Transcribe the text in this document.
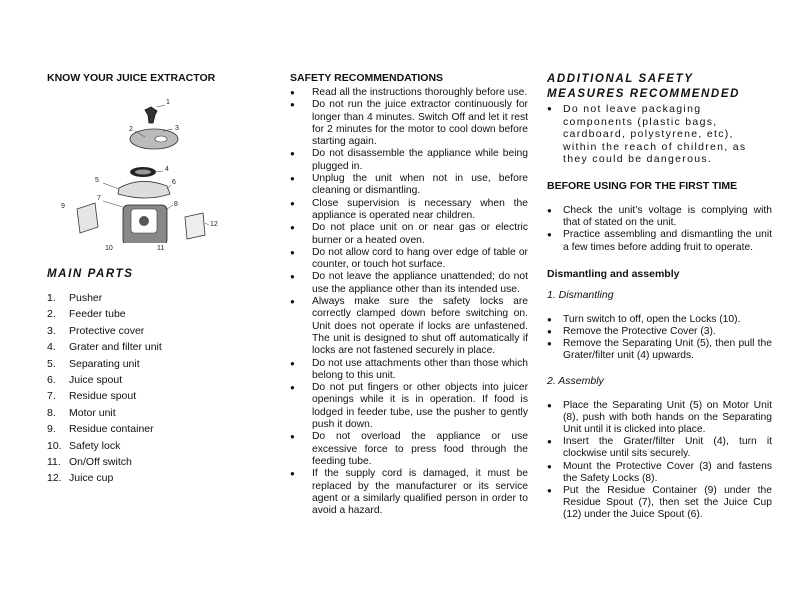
KNOW YOUR JUICE EXTRACTOR

1
2	3
4
5	6
7
8
9
10	11
12

MAIN PARTS

1.	Pusher
2.	Feeder tube
3.	Protective cover
4.	Grater and filter unit
5.	Separating unit
6.	Juice spout
7.	Residue spout
8.	Motor unit
9.	Residue container
10. Safety lock
11. On/Off switch
12. Juice cup

SAFETY RECOMMENDATIONS

● Read all the instructions thoroughly before use.
● Do not run the juice extractor continuously for longer than 4 minutes. Switch Off and let it rest for 2 minutes for the motor to cool down before starting again.
● Do not disassemble the appliance while being plugged in.
● Unplug the unit when not in use, before cleaning or dismantling.
● Close supervision is necessary when the appliance is operated near children.
● Do not place unit on or near gas or electric burner or a heated oven.
● Do not allow cord to hang over edge of table or counter, or touch hot surface.
● Do not leave the appliance unattended; do not use the appliance other than its intended use.
● Always make sure the safety locks are correctly clamped down before switching on. Unit does not operate if locks are unfastened. The unit is designed to shut off automatically if locks are not fastened securely in place.
● Do not use attachments other than those which belong to this unit.
● Do not put fingers or other objects into juicer openings while it is in operation. If food is lodged in feeder tube, use the pusher to gently push it down.
● Do not overload the appliance or use excessive force to press food through the feeding tube.
● If the supply cord is damaged, it must be replaced by the manufacturer or its service agent or a similarly qualified person in order to avoid a hazard.

ADDITIONAL SAFETY

MEASURES RECOMMENDED

●	Do not leave packaging
components (plastic bags,
cardboard, polystyrene, etc),
within the reach of children, as
they could be dangerous.

BEFORE USING FOR THE FIRST TIME

● Check the unit’s voltage is complying with that of stated on the unit.
● Practice assembling and dismantling the unit a few times before adding fruit to operate.

Dismantling and assembly

1. Dismantling

● Turn switch to off, open the Locks (10).
● Remove the Protective Cover (3).
● Remove the Separating Unit (5), then pull the Grater/filter unit (4) upwards.

2. Assembly

● Place the Separating Unit (5) on Motor Unit (8), push with both hands on the Separating Unit until it is clicked into place.
● Insert the Grater/filter Unit (4), turn it clockwise until sits securely.
● Mount the Protective Cover (3) and fastens the Safety Locks (8).
● Put the Residue Container (9) under the Residue Spout (7), then set the Juice Cup (12) under the Juice Spout (6).
